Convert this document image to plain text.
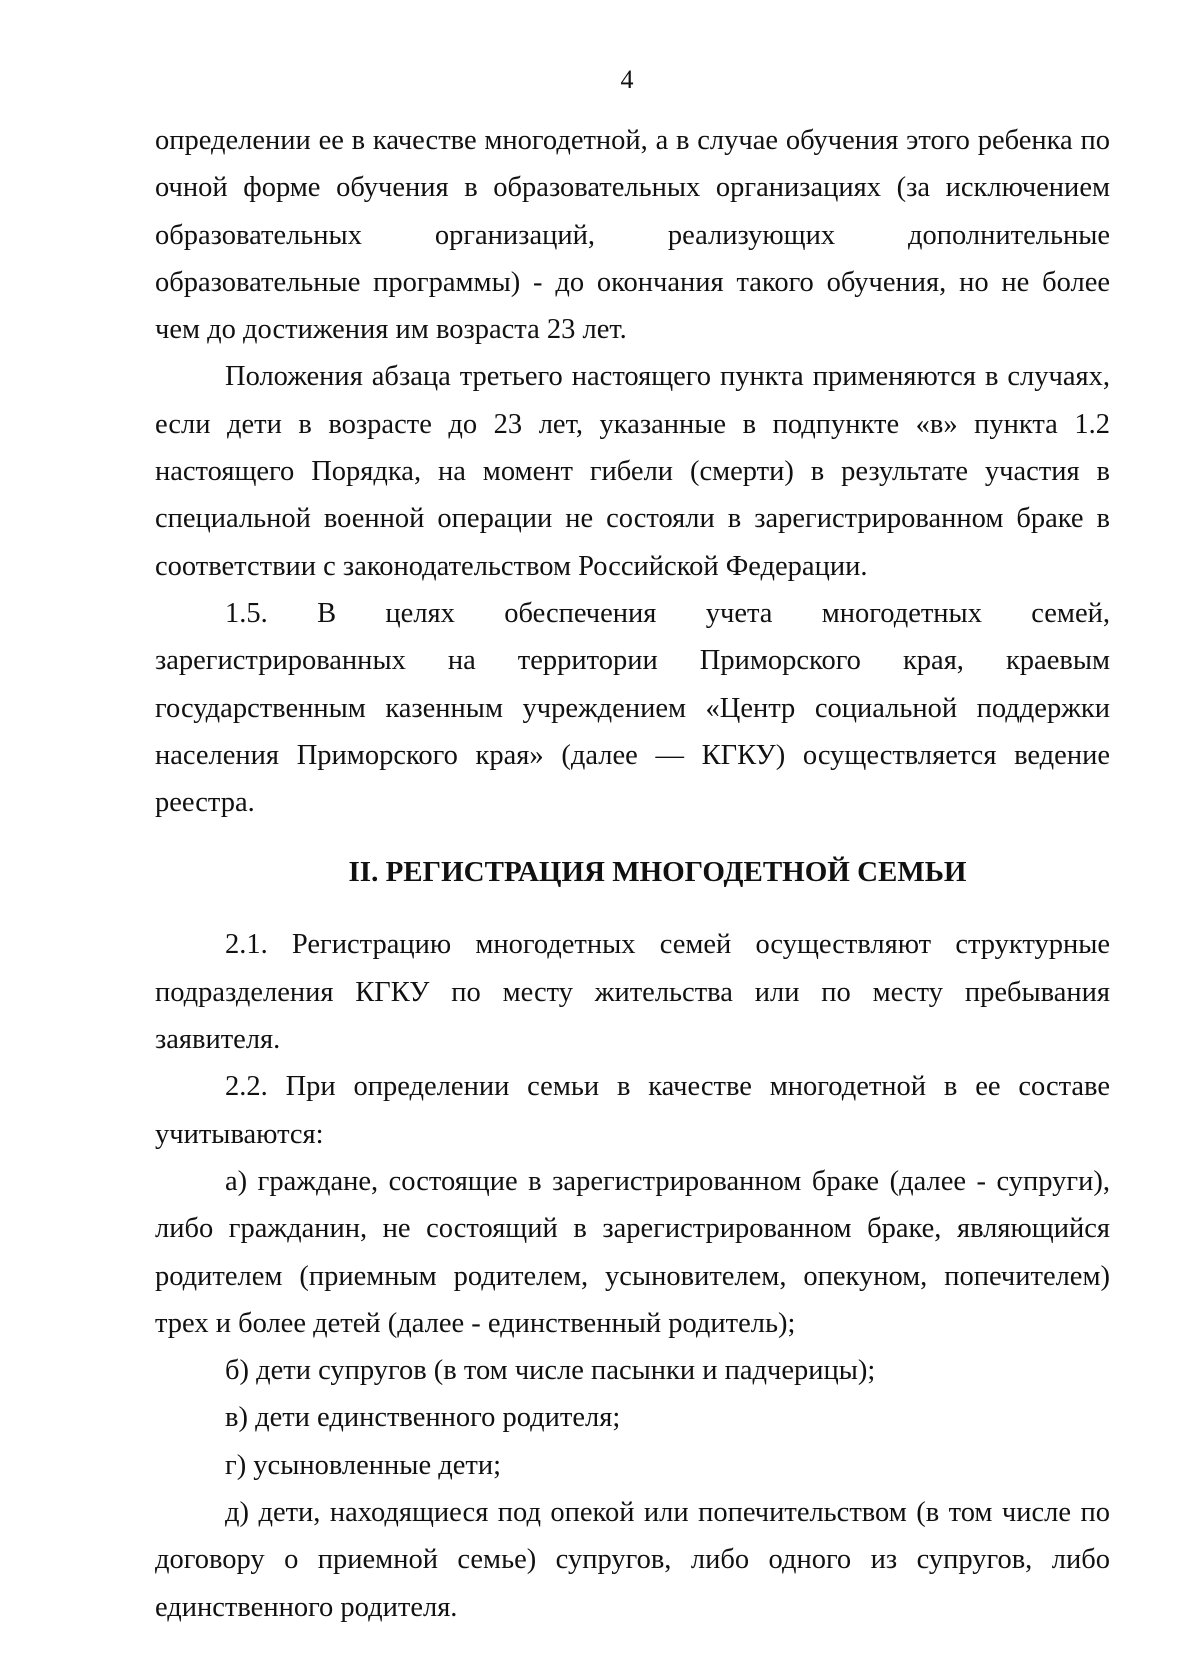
4

определении ее в качестве многодетной, а в случае обучения этого ребенка по очной форме обучения в образовательных организациях (за исключением образовательных организаций, реализующих дополнительные образовательные программы) - до окончания такого обучения, но не более чем до достижения им возраста 23 лет.

Положения абзаца третьего настоящего пункта применяются в случаях, если дети в возрасте до 23 лет, указанные в подпункте «в» пункта 1.2 настоящего Порядка, на момент гибели (смерти) в результате участия в специальной военной операции не состояли в зарегистрированном браке в соответствии с законодательством Российской Федерации.

1.5. В целях обеспечения учета многодетных семей, зарегистрированных на территории Приморского края, краевым государственным казенным учреждением «Центр социальной поддержки населения Приморского края» (далее — КГКУ) осуществляется ведение реестра.

II. РЕГИСТРАЦИЯ МНОГОДЕТНОЙ СЕМЬИ

2.1. Регистрацию многодетных семей осуществляют структурные подразделения КГКУ по месту жительства или по месту пребывания заявителя.

2.2. При определении семьи в качестве многодетной в ее составе учитываются:

а) граждане, состоящие в зарегистрированном браке (далее - супруги), либо гражданин, не состоящий в зарегистрированном браке, являющийся родителем (приемным родителем, усыновителем, опекуном, попечителем) трех и более детей (далее - единственный родитель);

б) дети супругов (в том числе пасынки и падчерицы);

в) дети единственного родителя;

г) усыновленные дети;

д) дети, находящиеся под опекой или попечительством (в том числе по договору о приемной семье) супругов, либо одного из супругов, либо единственного родителя.
